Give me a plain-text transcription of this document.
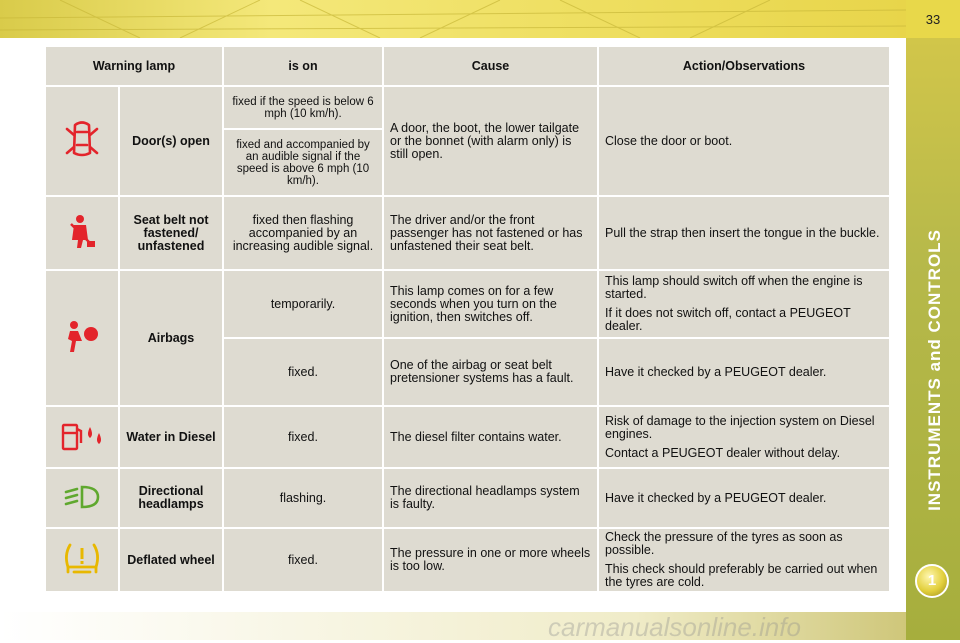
33
INSTRUMENTS and CONTROLS
1
Warning lamp		is on	Cause	Action/Observations
	Door(s) open	fixed if the speed is below 6 mph (10 km/h).	A door, the boot, the lower tailgate or the bonnet (with alarm only) is still open.	Close the door or boot.
		fixed and accompanied by an audible signal if the speed is above 6 mph (10 km/h).		
	Seat belt not fastened/ unfastened	fixed then flashing accompanied by an increasing audible signal.	The driver and/or the front passenger has not fastened or has unfastened their seat belt.	Pull the strap then insert the tongue in the buckle.
	Airbags	temporarily.	This lamp comes on for a few seconds when you turn on the ignition, then switches off.	This lamp should switch off when the engine is started.

If it does not switch off, contact a PEUGEOT dealer.

		fixed.	One of the airbag or seat belt pretensioner systems has a fault.	Have it checked by a PEUGEOT dealer.
	Water in Diesel	fixed.	The diesel filter contains water.	Risk of damage to the injection system on Diesel engines.

Contact a PEUGEOT dealer without delay.

	Directional headlamps	flashing.	The directional headlamps system is faulty.	Have it checked by a PEUGEOT dealer.
	Deflated wheel	fixed.	The pressure in one or more wheels is too low.	Check the pressure of the tyres as soon as possible.

This check should preferably be carried out when the tyres are cold.

carmanualsonline.info
